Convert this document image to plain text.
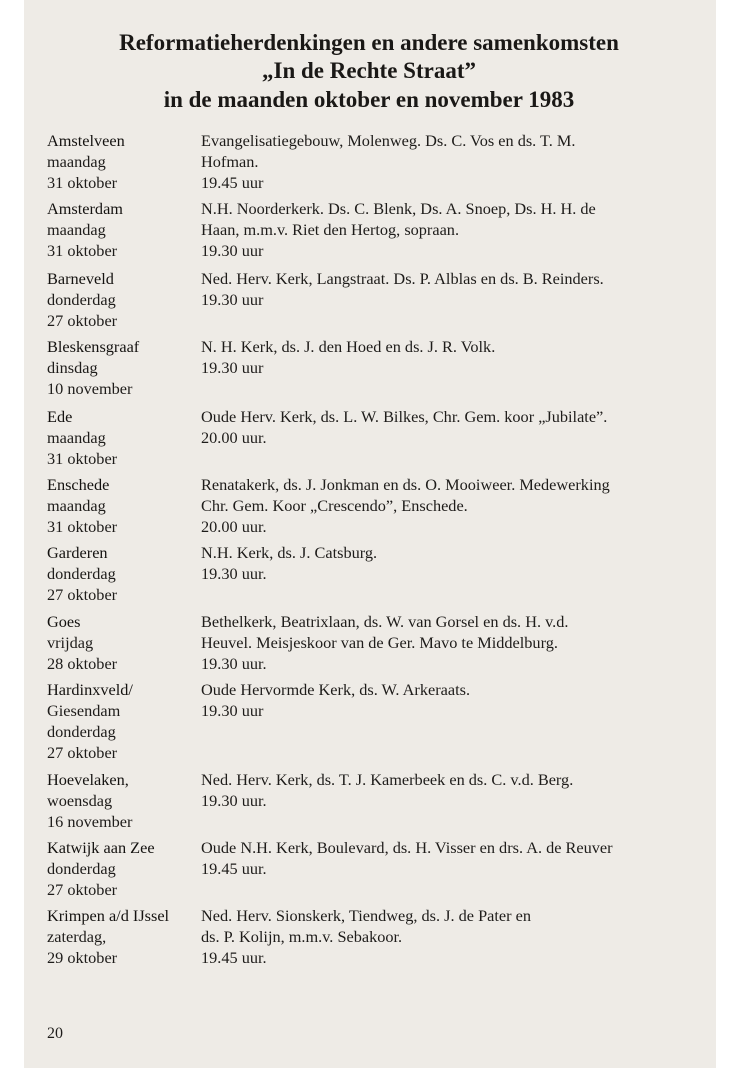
Reformatieherdenkingen en andere samenkomsten
„In de Rechte Straat”
in de maanden oktober en november 1983
Amstelveen
maandag
31 oktober
Evangelisatiegebouw, Molenweg. Ds. C. Vos en ds. T. M.
Hofman.
19.45 uur
Amsterdam
maandag
31 oktober
N.H. Noorderkerk. Ds. C. Blenk, Ds. A. Snoep, Ds. H. H. de
Haan, m.m.v. Riet den Hertog, sopraan.
19.30 uur
Barneveld
donderdag
27 oktober
Ned. Herv. Kerk, Langstraat. Ds. P. Alblas en ds. B. Reinders.
19.30 uur
Bleskensgraaf
dinsdag
10 november
N. H. Kerk, ds. J. den Hoed en ds. J. R. Volk.
19.30 uur
Ede
maandag
31 oktober
Oude Herv. Kerk, ds. L. W. Bilkes, Chr. Gem. koor „Jubilate”.
20.00 uur.
Enschede
maandag
31 oktober
Renatakerk, ds. J. Jonkman en ds. O. Mooiweer. Medewerking
Chr. Gem. Koor „Crescendo”, Enschede.
20.00 uur.
Garderen
donderdag
27 oktober
N.H. Kerk, ds. J. Catsburg.
19.30 uur.
Goes
vrijdag
28 oktober
Bethelkerk, Beatrixlaan, ds. W. van Gorsel en ds. H. v.d.
Heuvel. Meisjeskoor van de Ger. Mavo te Middelburg.
19.30 uur.
Hardinxveld/
Giesendam
donderdag
27 oktober
Oude Hervormde Kerk, ds. W. Arkeraats.
19.30 uur
Hoevelaken,
woensdag
16 november
Ned. Herv. Kerk, ds. T. J. Kamerbeek en ds. C. v.d. Berg.
19.30 uur.
Katwijk aan Zee
donderdag
27 oktober
Oude N.H. Kerk, Boulevard, ds. H. Visser en drs. A. de Reuver
19.45 uur.
Krimpen a/d IJssel
zaterdag,
29 oktober
Ned. Herv. Sionskerk, Tiendweg, ds. J. de Pater en
ds. P. Kolijn, m.m.v. Sebakoor.
19.45 uur.
20
